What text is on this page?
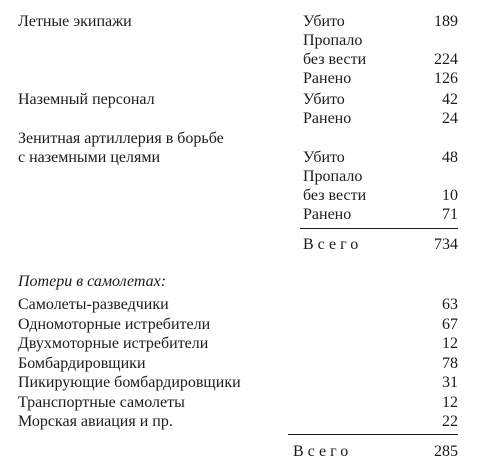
Летные экипажи	Убито	189
Пропало
без вести	224
Ранено	126
Наземный персонал	Убито	42
Ранено	24
Зенитная артиллерия в борьбе
с наземными целями	Убито	48
Пропало
без вести	10
Ранено	71
Всего	734
Потери в самолетах:
Самолеты-разведчики	63
Одномоторные истребители	67
Двухмоторные истребители	12
Бомбардировщики	78
Пикирующие бомбардировщики	31
Транспортные самолеты	12
Морская авиация и пр.	22
Всего	285
